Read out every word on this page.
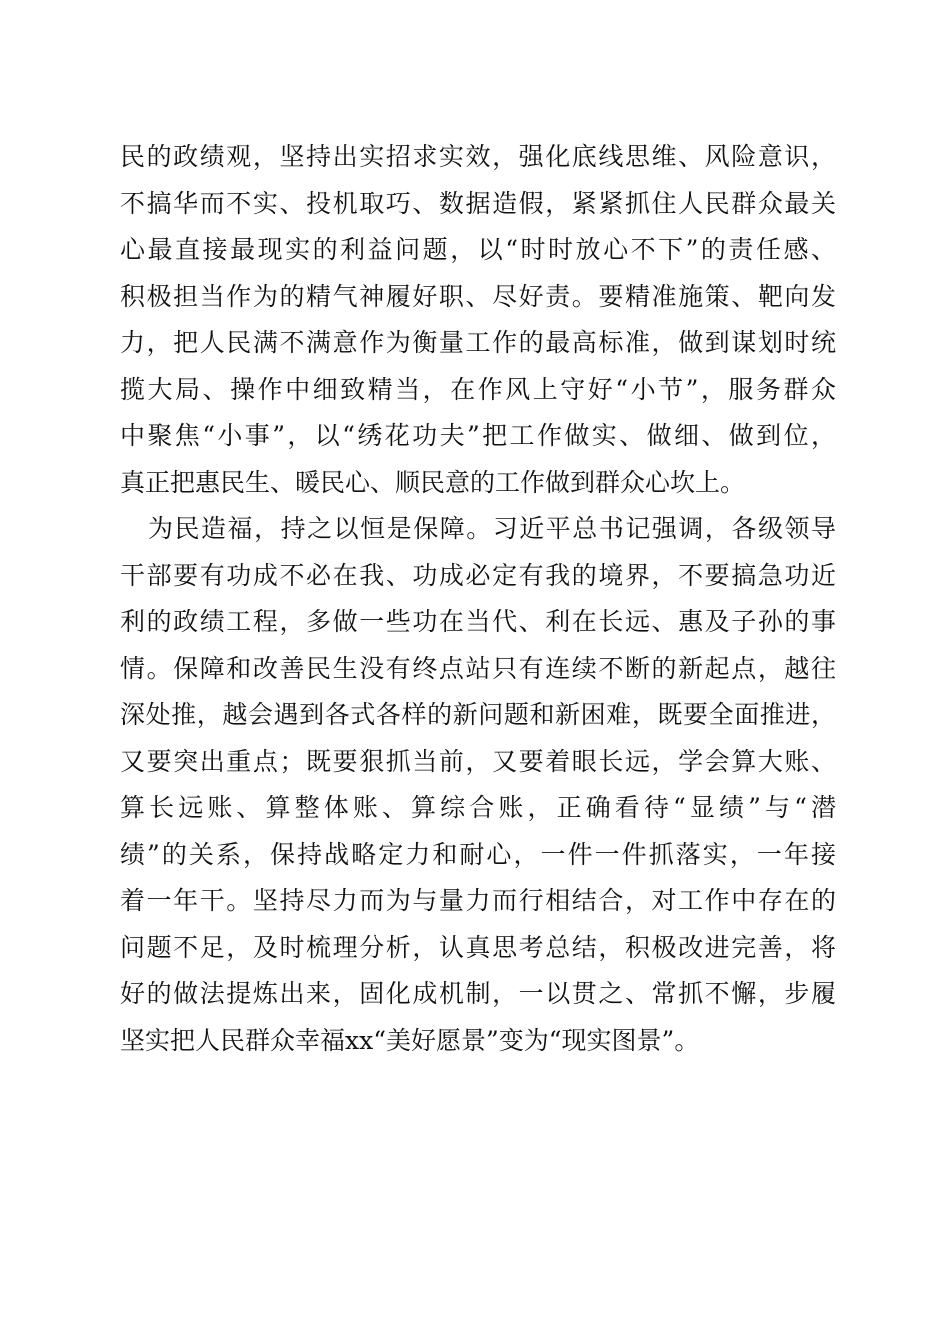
民的政绩观，坚持出实招求实效，强化底线思维、风险意识，
不搞华而不实、投机取巧、数据造假，紧紧抓住人民群众最关
心最直接最现实的利益问题，以“时时放心不下”的责任感、
积极担当作为的精气神履好职、尽好责。要精准施策、靶向发
力，把人民满不满意作为衡量工作的最高标准，做到谋划时统
揽大局、操作中细致精当，在作风上守好“小节”，服务群众
中聚焦“小事”，以“绣花功夫”把工作做实、做细、做到位，
真正把惠民生、暖民心、顺民意的工作做到群众心坎上。
为民造福，持之以恒是保障。习近平总书记强调，各级领导
干部要有功成不必在我、功成必定有我的境界，不要搞急功近
利的政绩工程，多做一些功在当代、利在长远、惠及子孙的事
情。保障和改善民生没有终点站只有连续不断的新起点，越往
深处推，越会遇到各式各样的新问题和新困难，既要全面推进，
又要突出重点；既要狠抓当前，又要着眼长远，学会算大账、
算长远账、算整体账、算综合账，正确看待“显绩”与“潜
绩”的关系，保持战略定力和耐心，一件一件抓落实，一年接
着一年干。坚持尽力而为与量力而行相结合，对工作中存在的
问题不足，及时梳理分析，认真思考总结，积极改进完善，将
好的做法提炼出来，固化成机制，一以贯之、常抓不懈，步履
坚实把人民群众幸福xx“美好愿景”变为“现实图景”。
